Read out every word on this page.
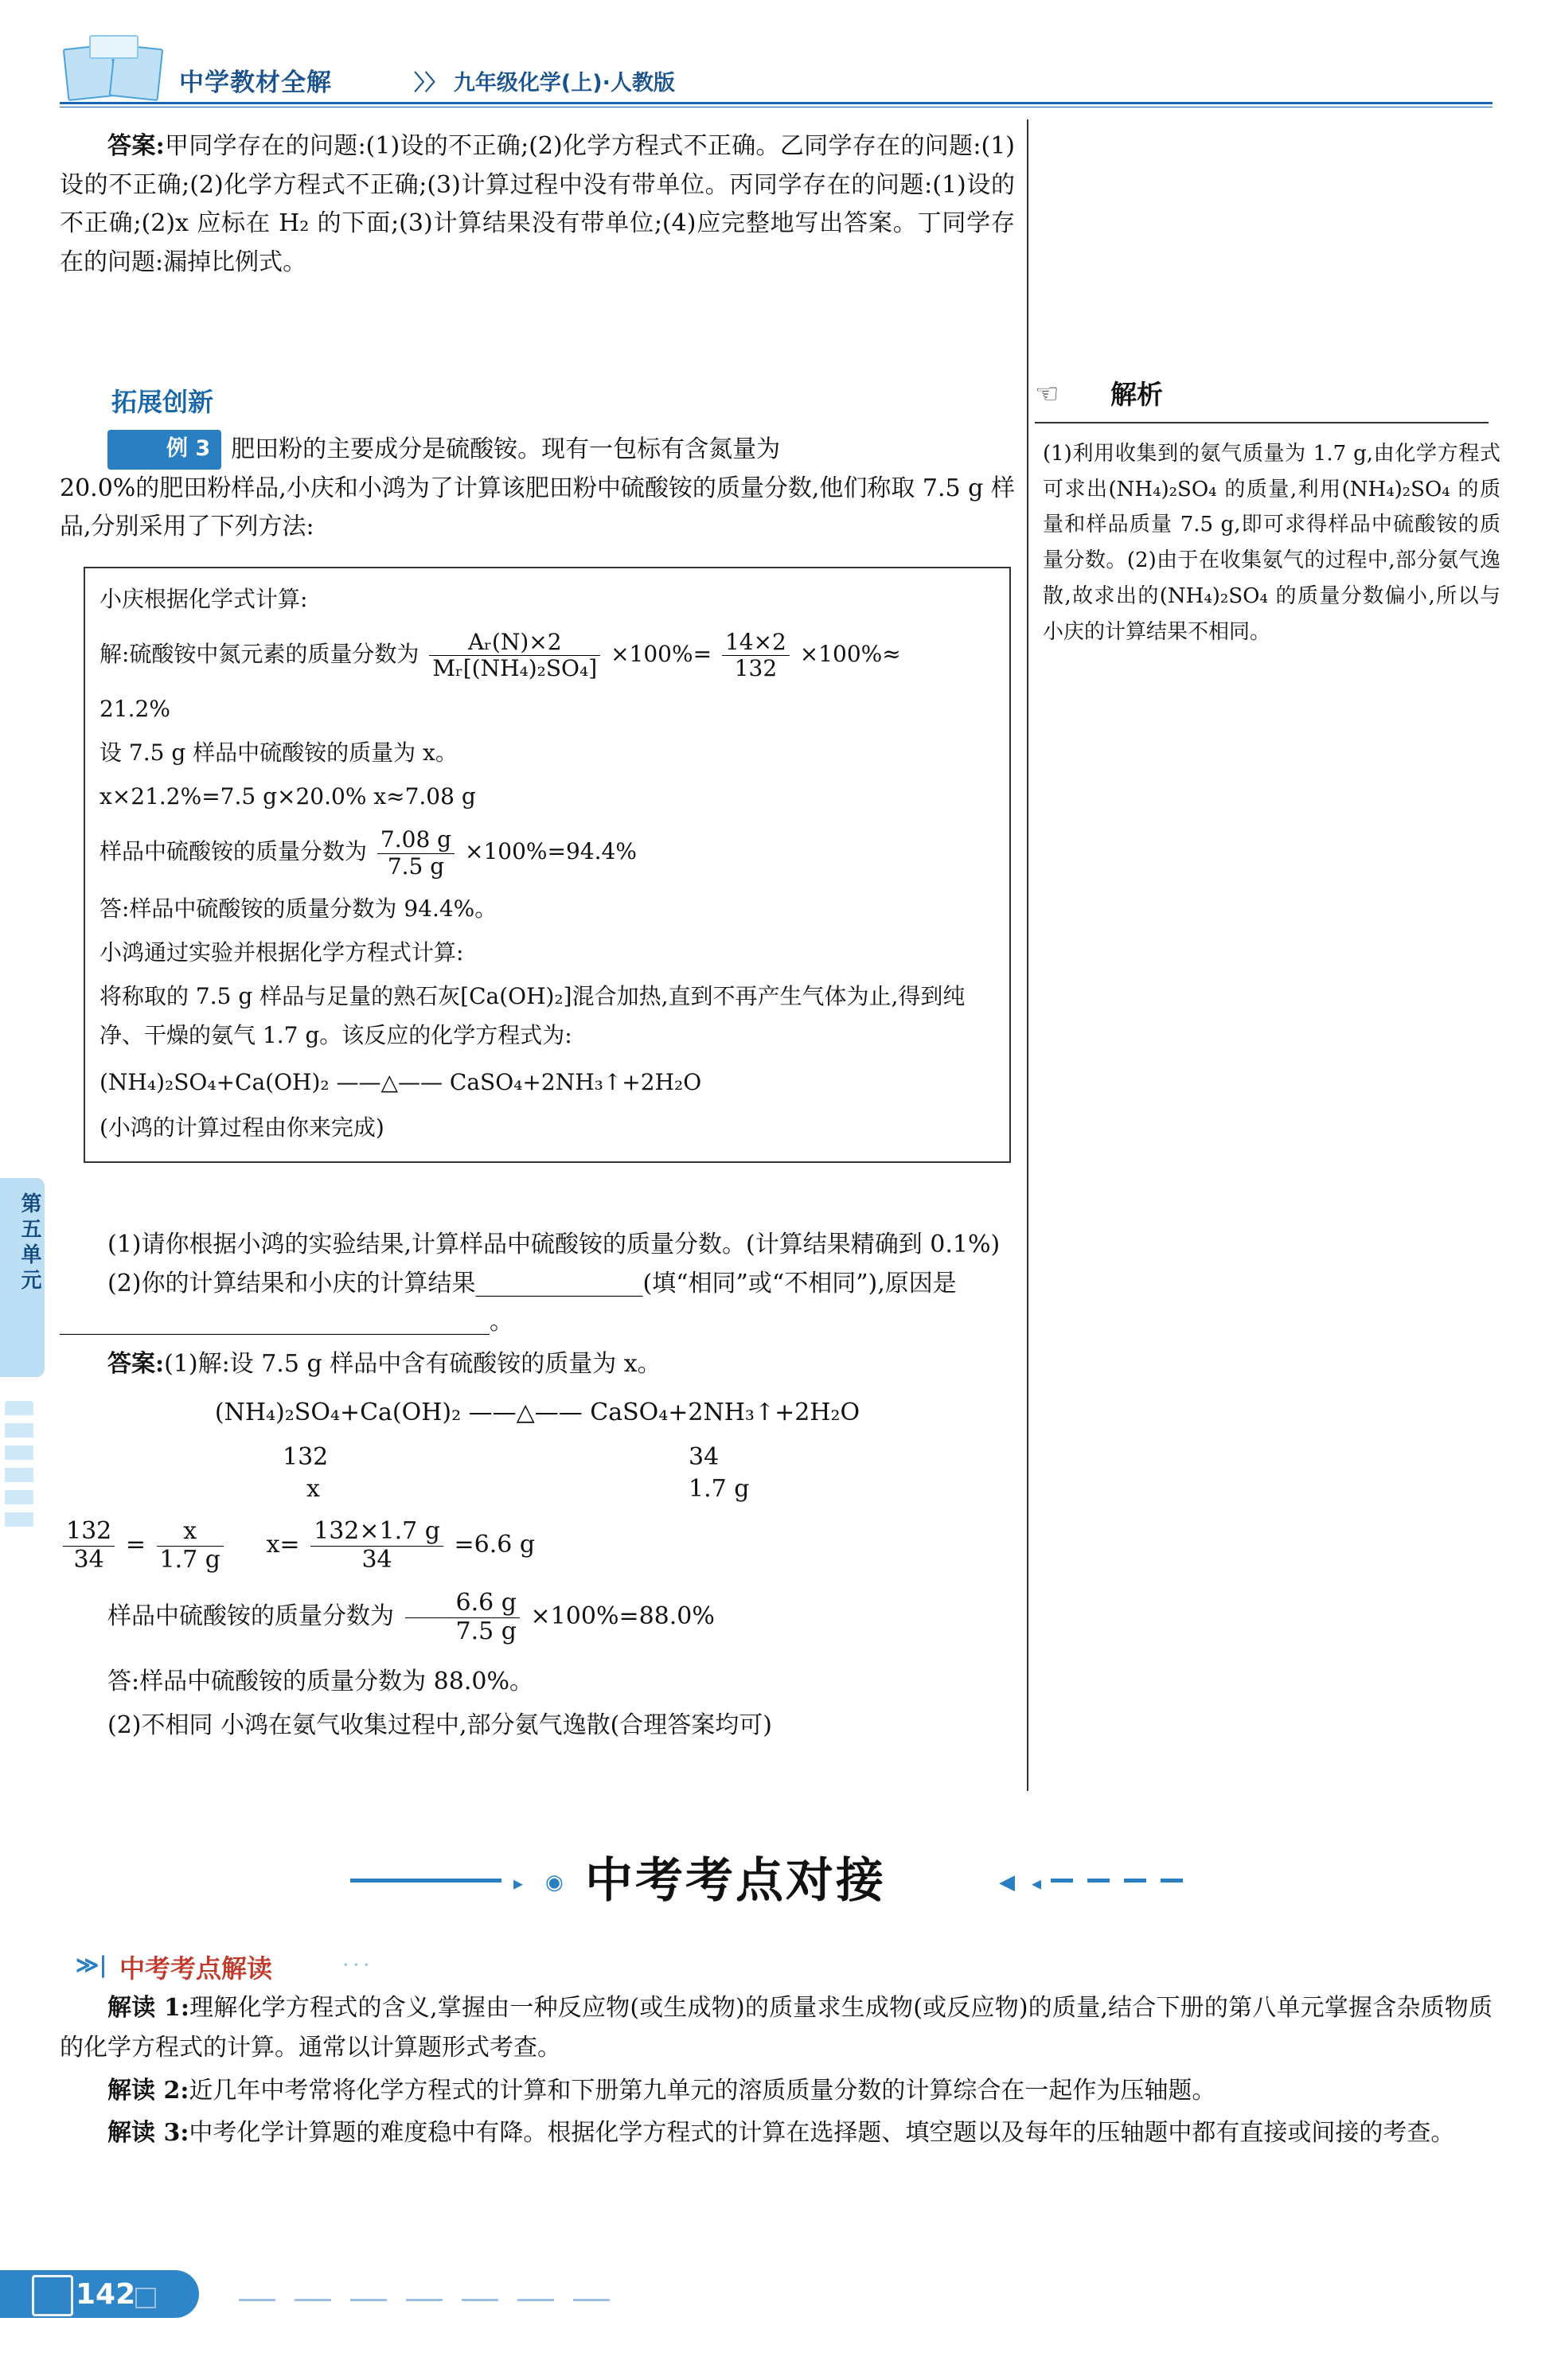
中学教材全解	〉〉 九年级化学(上)·人教版
第五单元

答案:甲同学存在的问题:(1)设的不正确;(2)化学方程式不正确。乙同学存在的问题:(1)设的不正确;(2)化学方程式不正确;(3)计算过程中没有带单位。丙同学存在的问题:(1)设的不正确;(2)x 应标在 H₂ 的下面;(3)计算结果没有带单位;(4)应完整地写出答案。丁同学存在的问题:漏掉比例式。

拓展创新

例 3 肥田粉的主要成分是硫酸铵。现有一包标有含氮量为

20.0%的肥田粉样品,小庆和小鸿为了计算该肥田粉中硫酸铵的质量分数,他们称取 7.5 g 样品,分别采用了下列方法:

小庆根据化学式计算:

解:硫酸铵中氮元素的质量分数为 $\frac{\text{Aᵣ(N)×2}}{\text{Mᵣ[(NH₄)₂SO₄]}} \times 100\%= \frac{14\times 2}{132} \times 100\%\approx$

21.2%

设 7.5 g 样品中硫酸铵的质量为 x。

x×21.2%=7.5 g×20.0% x≈7.08 g

样品中硫酸铵的质量分数为 $\frac{7.08 g}{7.5 g} \times 100\%=94.4\%$

答:样品中硫酸铵的质量分数为 94.4%。

小鸿通过实验并根据化学方程式计算:

将称取的 7.5 g 样品与足量的熟石灰[Ca(OH)₂]混合加热,直到不再产生气体为止,得到纯净、干燥的氨气 1.7 g。该反应的化学方程式为:

(NH₄)₂SO₄+Ca(OH)₂ ——△—— CaSO₄+2NH₃↑+2H₂O

(小鸿的计算过程由你来完成)

(1)请你根据小鸿的实验结果,计算样品中硫酸铵的质量分数。(计算结果精确到 0.1%)

(2)你的计算结果和小庆的计算结果______________(填“相同”或“不相同”),原因是____________________________________。

答案:(1)解:设 7.5 g 样品中含有硫酸铵的质量为 x。

(NH₄)₂SO₄+Ca(OH)₂ ——△—— CaSO₄+2NH₃↑+2H₂O

132	34

x	1.7 g

$\frac{132}{34} = \frac{x}{1.7 g} x= \frac{132\times 1.7 g}{34} =6.6$ g

样品中硫酸铵的质量分数为 $\frac{6.6 g}{7.5 g} \times 100\%=88.0\%$

答:样品中硫酸铵的质量分数为 88.0%。

(2)不相同 小鸿在氨气收集过程中,部分氨气逸散(合理答案均可)

☜ 解析
(1)利用收集到的氨气质量为 1.7 g,由化学方程式可求出(NH₄)₂SO₄ 的质量,利用(NH₄)₂SO₄ 的质量和样品质量 7.5 g,即可求得样品中硫酸铵的质量分数。(2)由于在收集氨气的过程中,部分氨气逸散,故求出的(NH₄)₂SO₄ 的质量分数偏小,所以与小庆的计算结果不相同。
▸ ◉ 中考考点对接	◀ ◂
≫| 中考考点解读	···

解读 1:理解化学方程式的含义,掌握由一种反应物(或生成物)的质量求生成物(或反应物)的质量,结合下册的第八单元掌握含杂质物质的化学方程式的计算。通常以计算题形式考查。

解读 2:近几年中考常将化学方程式的计算和下册第九单元的溶质质量分数的计算综合在一起作为压轴题。

解读 3:中考化学计算题的难度稳中有降。根据化学方程式的计算在选择题、填空题以及每年的压轴题中都有直接或间接的考查。

142
